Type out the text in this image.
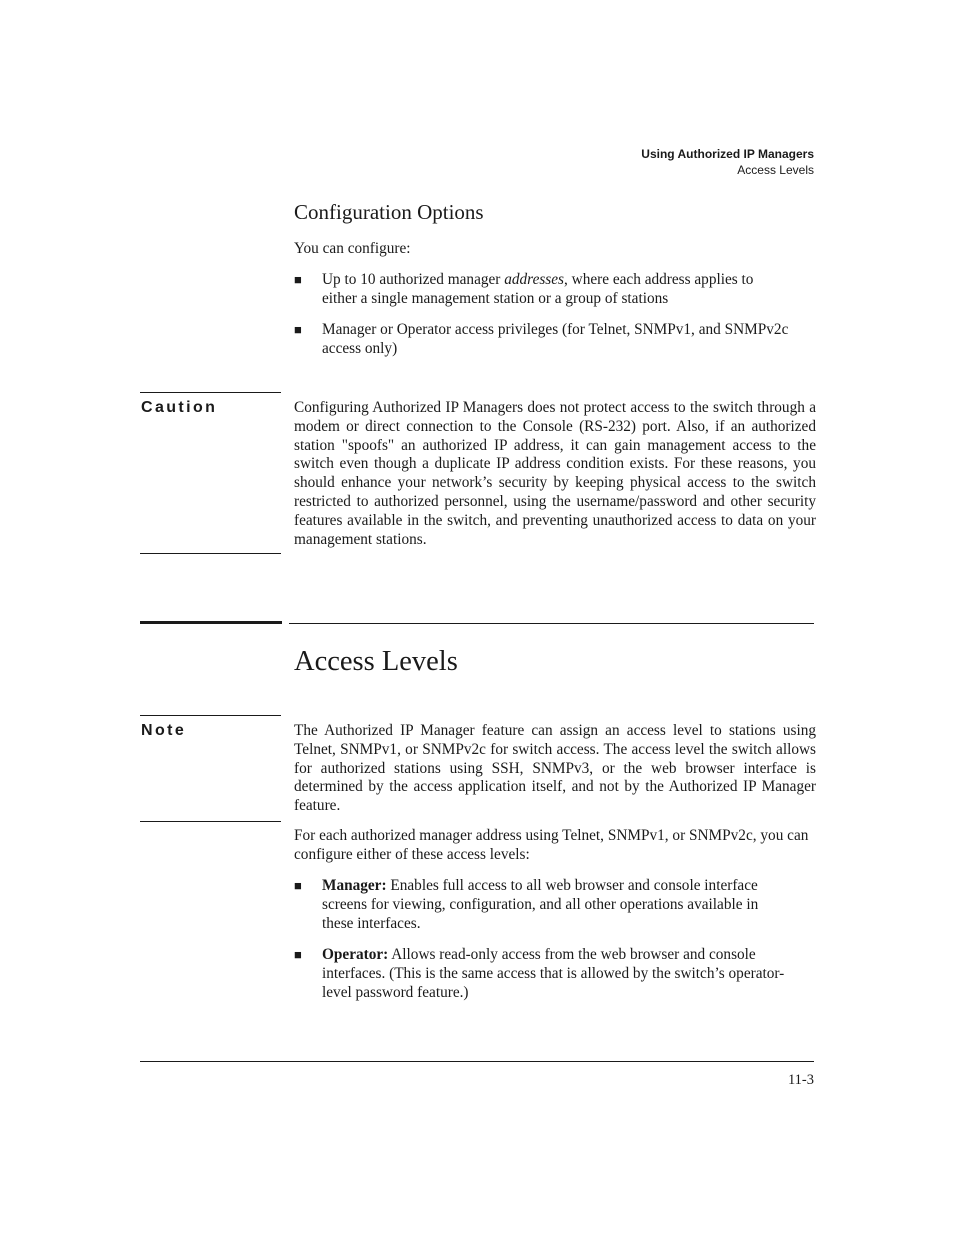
Using Authorized IP Managers
Access Levels
Configuration Options
You can configure:
■ Up to 10 authorized manager addresses, where each address applies to either a single management station or a group of stations
■ Manager or Operator access privileges (for Telnet, SNMPv1, and SNMPv2c access only)
Caution	Configuring Authorized IP Managers does not protect access to the switch through a modem or direct connection to the Console (RS-232) port. Also, if an authorized station "spoofs" an authorized IP address, it can gain management access to the switch even though a duplicate IP address condition exists. For these reasons, you should enhance your network’s security by keeping physical access to the switch restricted to authorized personnel, using the username/password and other security features available in the switch, and preventing unauthorized access to data on your management stations.
Access Levels
Note	The Authorized IP Manager feature can assign an access level to stations using Telnet, SNMPv1, or SNMPv2c for switch access. The access level the switch allows for authorized stations using SSH, SNMPv3, or the web browser interface is determined by the access application itself, and not by the Authorized IP Manager feature.
For each authorized manager address using Telnet, SNMPv1, or SNMPv2c, you can configure either of these access levels:
■ Manager: Enables full access to all web browser and console interface screens for viewing, configuration, and all other operations available in these interfaces.
■ Operator: Allows read-only access from the web browser and console interfaces. (This is the same access that is allowed by the switch’s operator-level password feature.)
11-3
